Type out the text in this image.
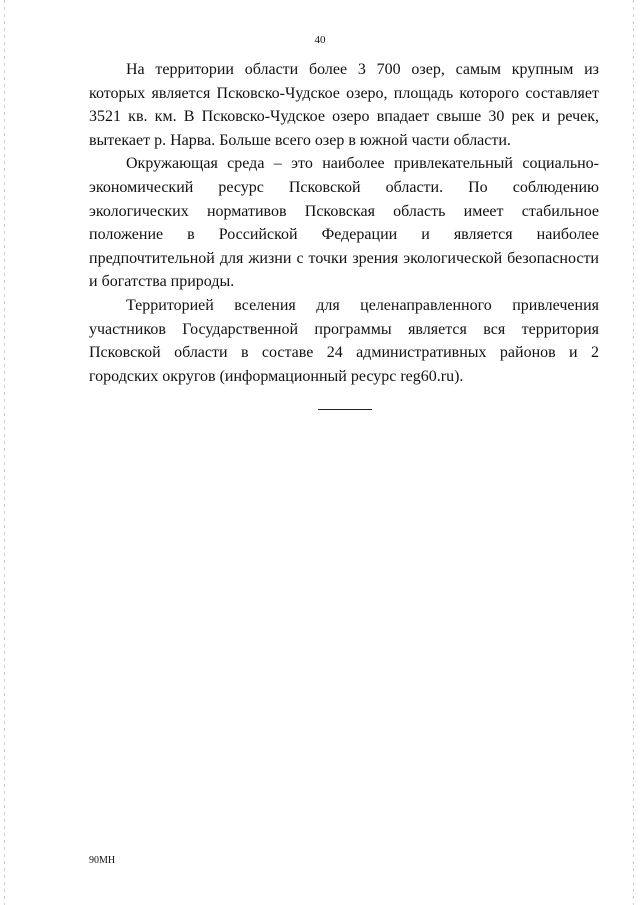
40

На территории области более 3 700 озер, самым крупным из
которых является Псковско-Чудское озеро, площадь которого составляет
3521 кв. км. В Псковско-Чудское озеро впадает свыше 30 рек и речек,
вытекает р. Нарва. Больше всего озер в южной части области.

Окружающая среда – это наиболее привлекательный социально-
экономический ресурс Псковской области. По соблюдению
экологических нормативов Псковская область имеет стабильное
положение в Российской Федерации и является наиболее
предпочтительной для жизни с точки зрения экологической безопасности
и богатства природы.

Территорией вселения для целенаправленного привлечения
участников Государственной программы является вся территория
Псковской области в составе 24 административных районов и 2
городских округов (информационный ресурс reg60.ru).

90МН
